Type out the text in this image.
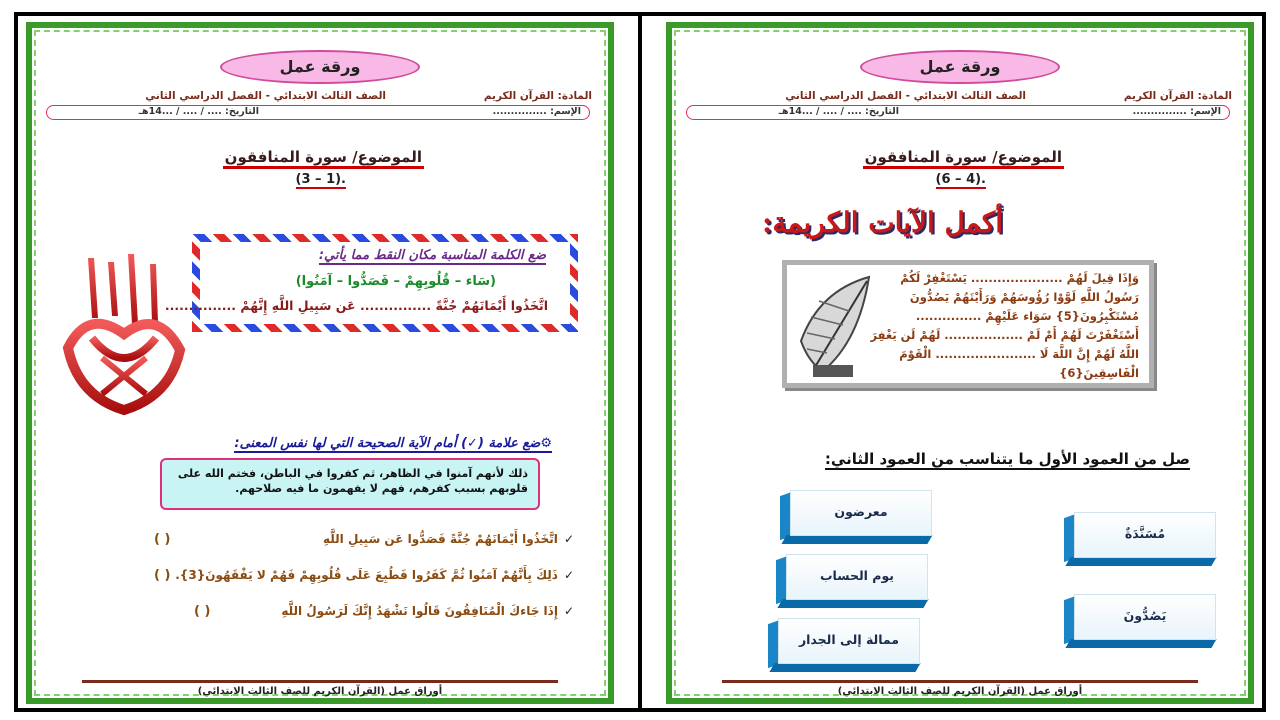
ورقة عمل
المادة: القرآن الكريم
الصف الثالث الابتدائي - الفصل الدراسي الثاني
الإسم: ...............
التاريخ: .... / .... / ...14هـ
الموضوع/ سورة المنافقون
.(1 – 3)
الله جل جلاله
ضع الكلمة المناسبة مكان النقط مما يأتي:
(سَاء – قُلُوبِهِمْ – فَصَدُّوا – آمَنُوا)
اتَّخَذُوا أَيْمَانَهُمْ جُنَّةً ............... عَن سَبِيلِ اللَّهِ إِنَّهُمْ ...............
⚙ضع علامة (✓) أمام الآية الصحيحة التي لها نفس المعنى:
ذلك لأنهم آمنوا في الظاهر، ثم كفروا في الباطن، فختم الله على قلوبهم بسبب كفرهم، فهم لا يفهمون ما فيه صلاحهم.
✓اتَّخَذُوا أَيْمَانَهُمْ جُنَّةً فَصَدُّوا عَن سَبِيلِ اللَّهِ
( )
✓ذَلِكَ بِأَنَّهُمْ آمَنُوا ثُمَّ كَفَرُوا فَطُبِعَ عَلَى قُلُوبِهِمْ فَهُمْ لا يَفْقَهُونَ{3}.
( )
✓إِذَا جَاءكَ الْمُنَافِقُونَ قَالُوا نَشْهَدُ إِنَّكَ لَرَسُولُ اللَّهِ
( )
أوراق عمل (القرآن الكريم للصف الثالث الابتدائي)
ورقة عمل
المادة: القرآن الكريم
الصف الثالث الابتدائي - الفصل الدراسي الثاني
الإسم: ...............
التاريخ: .... / .... / ...14هـ
الموضوع/ سورة المنافقون
.(4 – 6)
أكمل الآيات الكريمة:
وَإِذَا قِيلَ لَهُمْ ..................... يَسْتَغْفِرْ لَكُمْ
رَسُولُ اللَّهِ لَوَّوْا رُؤُوسَهُمْ وَرَأَيْتَهُمْ يَصُدُّونَ
مُسْتَكْبِرُونَ{5} سَوَاء عَلَيْهِمْ ...............
أَسْتَغْفَرْتَ لَهُمْ أَمْ لَمْ .................. لَهُمْ لَن يَغْفِرَ
اللَّهُ لَهُمْ إِنَّ اللَّهَ لَا ....................... الْقَوْمَ
الْفَاسِقِينَ{6}
صل من العمود الأول ما يتناسب من العمود الثاني:
معرضون
يوم الحساب
ممالة إلى الجدار
مُسَنَّدَةٌ
يَصُدُّونَ
أوراق عمل (القرآن الكريم للصف الثالث الابتدائي)
